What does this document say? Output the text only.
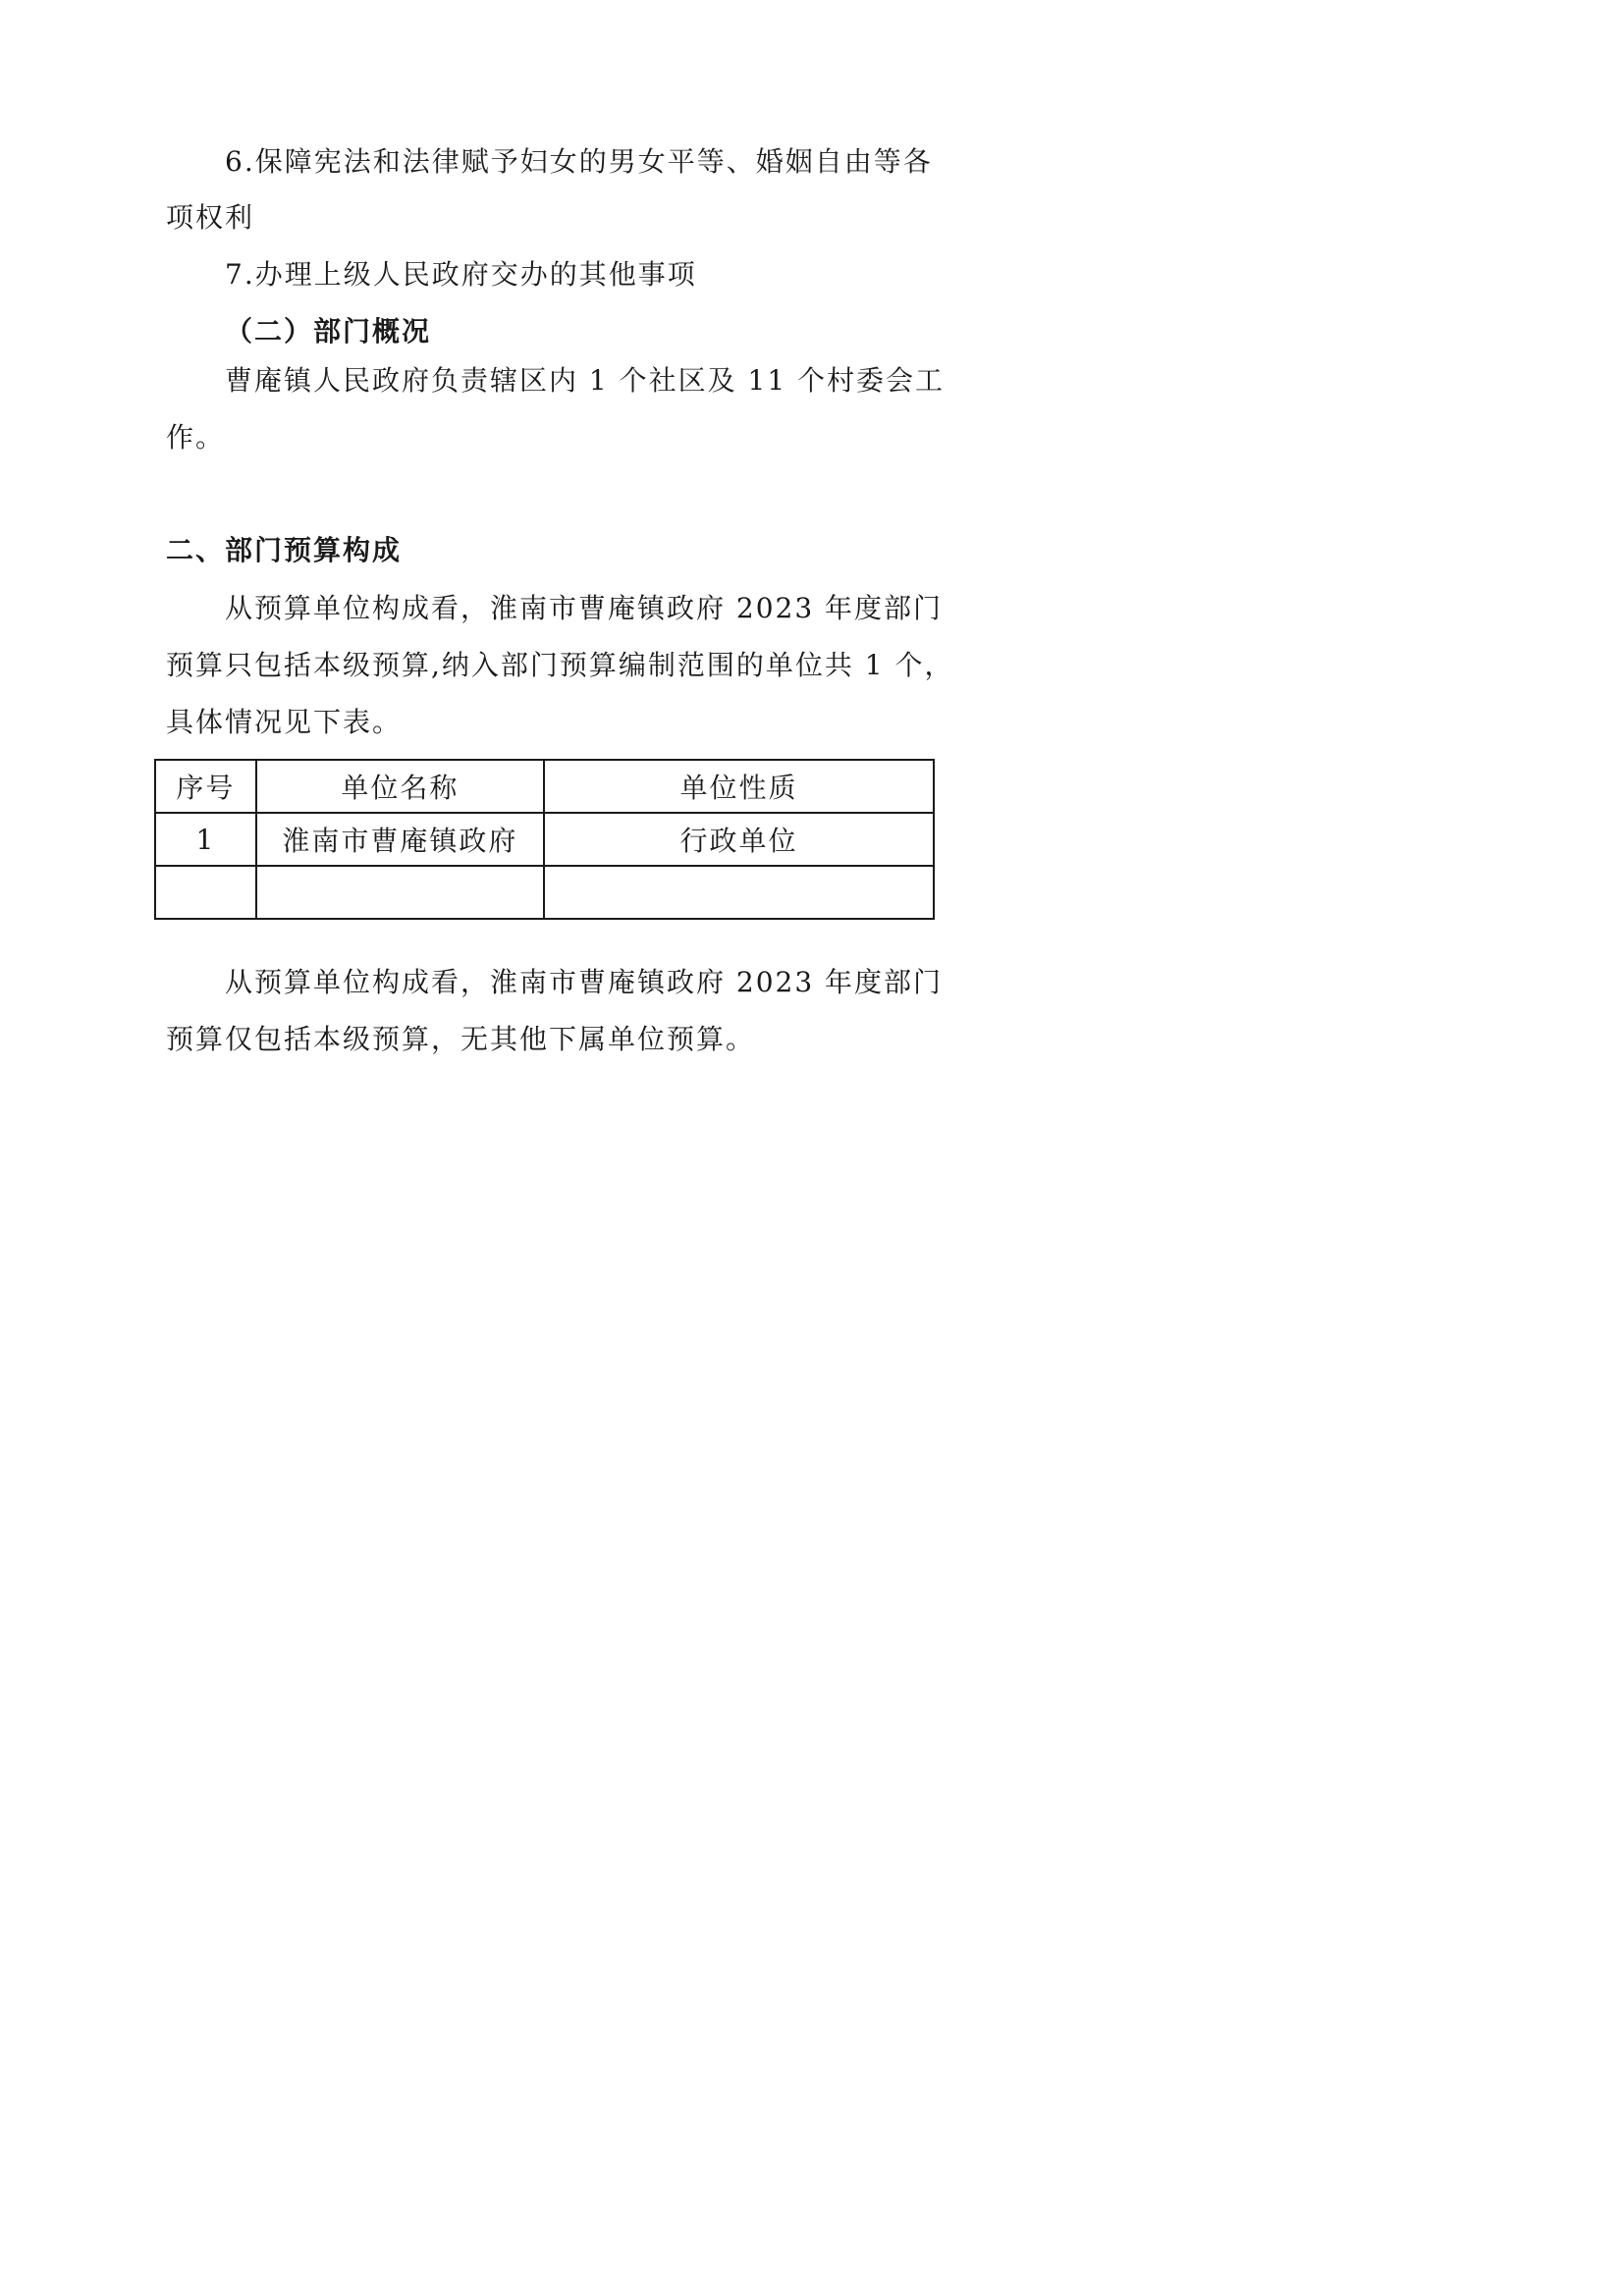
6.保障宪法和法律赋予妇女的男女平等、婚姻自由等各
项权利
7.办理上级人民政府交办的其他事项
（二）部门概况
曹庵镇人民政府负责辖区内 1 个社区及 11 个村委会工
作。
二、部门预算构成
从预算单位构成看，淮南市曹庵镇政府 2023 年度部门
预算只包括本级预算,纳入部门预算编制范围的单位共 1 个，
具体情况见下表。
序号	单位名称	单位性质
1	淮南市曹庵镇政府	行政单位

从预算单位构成看，淮南市曹庵镇政府 2023 年度部门
预算仅包括本级预算，无其他下属单位预算。
